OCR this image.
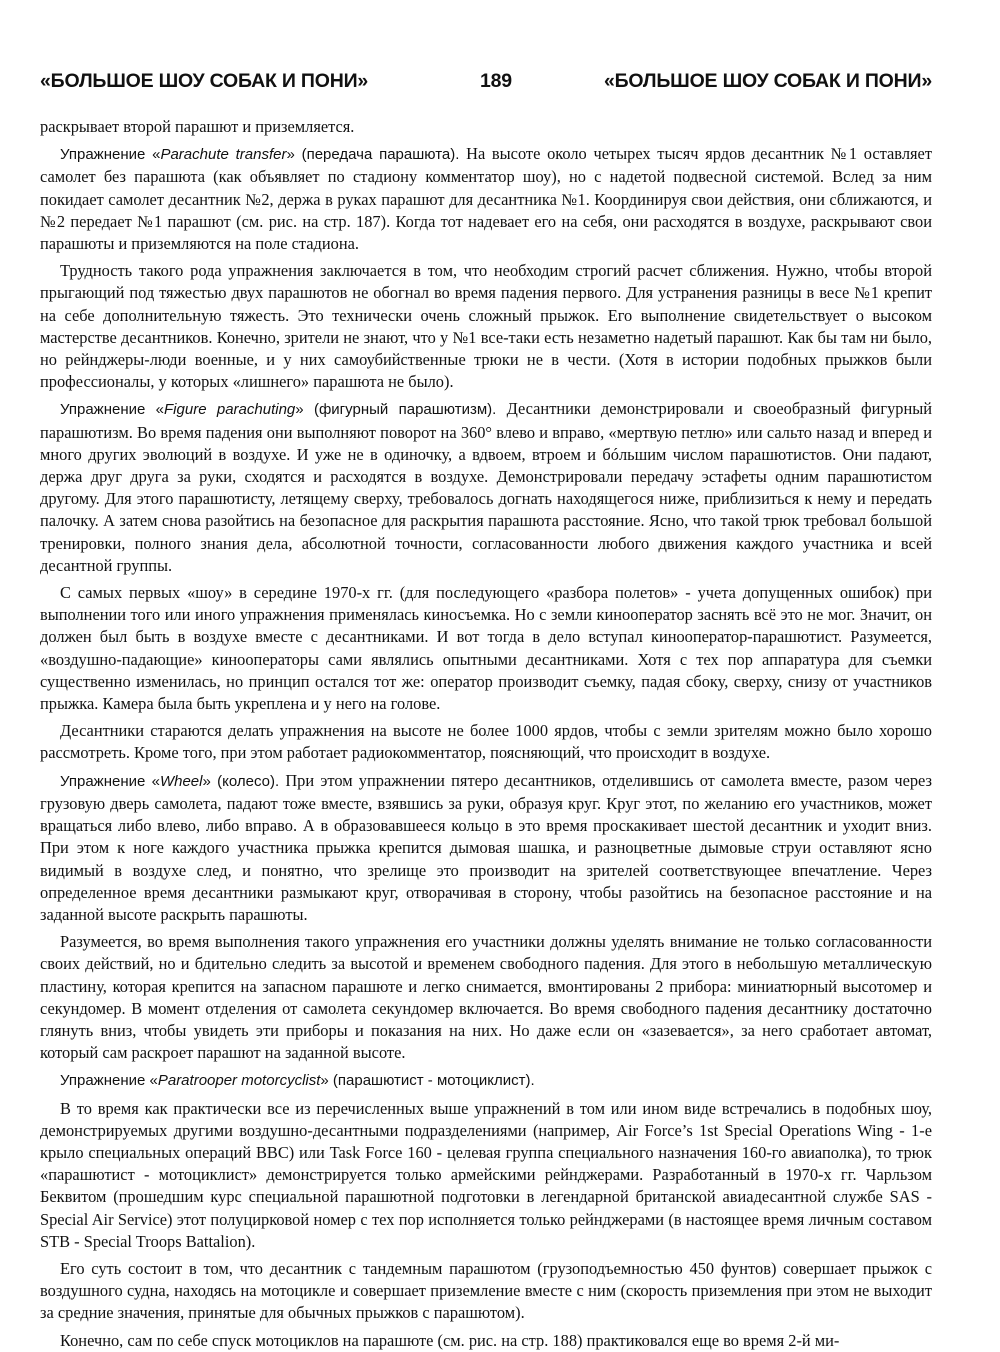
«БОЛЬШОЕ ШОУ СОБАК И ПОНИ»	189	«БОЛЬШОЕ ШОУ СОБАК И ПОНИ»

раскрывает второй парашют и приземляется.

Упражнение «Parachute transfer» (передача парашюта). На высоте около четырех тысяч ярдов десантник №1 оставляет самолет без парашюта (как объявляет по стадиону комментатор шоу), но с надетой подвесной системой. Вслед за ним покидает самолет десантник №2, держа в руках парашют для десантника №1. Координируя свои действия, они сближаются, и №2 передает №1 парашют (см. рис. на стр. 187). Когда тот надевает его на себя, они расходятся в воздухе, раскрывают свои парашюты и приземляются на поле стадиона.

Трудность такого рода упражнения заключается в том, что необходим строгий расчет сближения. Нужно, чтобы второй прыгающий под тяжестью двух парашютов не обогнал во время падения первого. Для устранения разницы в весе №1 крепит на себе дополнительную тяжесть. Это технически очень сложный прыжок. Его выполнение свидетельствует о высоком мастерстве десантников. Конечно, зрители не знают, что у №1 все-таки есть незаметно надетый парашют. Как бы там ни было, но рейнджеры-люди военные, и у них самоубийственные трюки не в чести. (Хотя в истории подобных прыжков были профессионалы, у которых «лишнего» парашюта не было).

Упражнение «Figure parachuting» (фигурный парашютизм). Десантники демонстрировали и своеобразный фигурный парашютизм. Во время падения они выполняют поворот на 360° влево и вправо, «мертвую петлю» или сальто назад и вперед и много других эволюций в воздухе. И уже не в одиночку, а вдвоем, втроем и бóльшим числом парашютистов. Они падают, держа друг друга за руки, сходятся и расходятся в воздухе. Демонстрировали передачу эстафеты одним парашютистом другому. Для этого парашютисту, летящему сверху, требовалось догнать находящегося ниже, приблизиться к нему и передать палочку. А затем снова разойтись на безопасное для раскрытия парашюта расстояние. Ясно, что такой трюк требовал большой тренировки, полного знания дела, абсолютной точности, согласованности любого движения каждого участника и всей десантной группы.

С самых первых «шоу» в середине 1970-х гг. (для последующего «разбора полетов» - учета допущенных ошибок) при выполнении того или иного упражнения применялась киносъемка. Но с земли кинооператор заснять всё это не мог. Значит, он должен был быть в воздухе вместе с десантниками. И вот тогда в дело вступал кинооператор-парашютист. Разумеется, «воздушно-падающие» кинооператоры сами являлись опытными десантниками. Хотя с тех пор аппаратура для съемки существенно изменилась, но принцип остался тот же: оператор производит съемку, падая сбоку, сверху, снизу от участников прыжка. Камера была быть укреплена и у него на голове.

Десантники стараются делать упражнения на высоте не более 1000 ярдов, чтобы с земли зрителям можно было хорошо рассмотреть. Кроме того, при этом работает радиокомментатор, поясняющий, что происходит в воздухе.

Упражнение «Wheel» (колесо). При этом упражнении пятеро десантников, отделившись от самолета вместе, разом через грузовую дверь самолета, падают тоже вместе, взявшись за руки, образуя круг. Круг этот, по желанию его участников, может вращаться либо влево, либо вправо. А в образовавшееся кольцо в это время проскакивает шестой десантник и уходит вниз. При этом к ноге каждого участника прыжка крепится дымовая шашка, и разноцветные дымовые струи оставляют ясно видимый в воздухе след, и понятно, что зрелище это производит на зрителей соответствующее впечатление. Через определенное время десантники размыкают круг, отворачивая в сторону, чтобы разойтись на безопасное расстояние и на заданной высоте раскрыть парашюты.

Разумеется, во время выполнения такого упражнения его участники должны уделять внимание не только согласованности своих действий, но и бдительно следить за высотой и временем свободного падения. Для этого в небольшую металлическую пластину, которая крепится на запасном парашюте и легко снимается, вмонтированы 2 прибора: миниатюрный высотомер и секундомер. В момент отделения от самолета секундомер включается. Во время свободного падения десантнику достаточно глянуть вниз, чтобы увидеть эти приборы и показания на них. Но даже если он «зазевается», за него сработает автомат, который сам раскроет парашют на заданной высоте.

Упражнение «Paratrooper motorcyclist» (парашютист - мотоциклист).

В то время как практически все из перечисленных выше упражнений в том или ином виде встречались в подобных шоу, демонстрируемых другими воздушно-десантными подразделениями (например, Air Force’s 1st Special Operations Wing - 1-е крыло специальных операций ВВС) или Task Force 160 - целевая группа специального назначения 160-го авиаполка), то трюк «парашютист - мотоциклист» демонстрируется только армейскими рейнджерами. Разработанный в 1970-х гг. Чарльзом Беквитом (прошедшим курс специальной парашютной подготовки в легендарной британской авиадесантной службе SAS - Special Air Service) этот полуцирковой номер с тех пор исполняется только рейнджерами (в настоящее время личным составом STB - Special Troops Battalion).

Его суть состоит в том, что десантник с тандемным парашютом (грузоподъемностью 450 фунтов) совершает прыжок с воздушного судна, находясь на мотоцикле и совершает приземление вместе с ним (скорость приземления при этом не выходит за средние значения, принятые для обычных прыжков с парашютом).

Конечно, сам по себе спуск мотоциклов на парашюте (см. рис. на стр. 188) практиковался еще во время 2-й ми-
